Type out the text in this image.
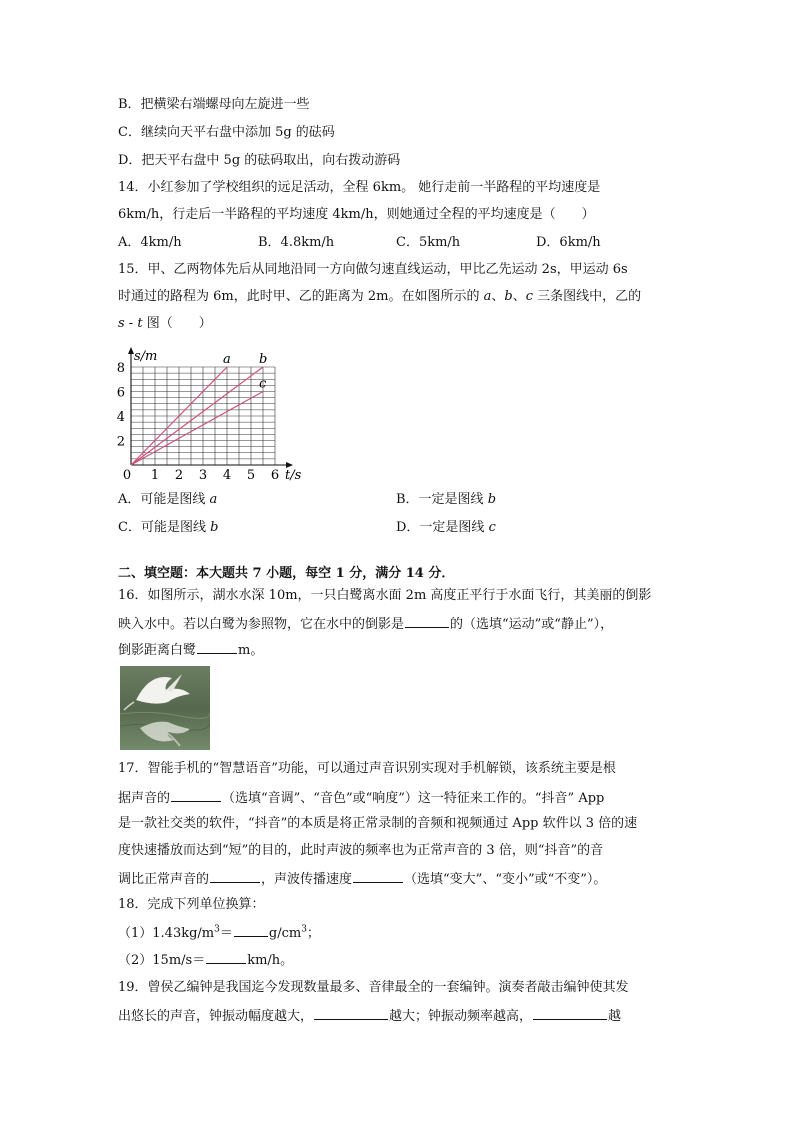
B．把横梁右端螺母向左旋进一些
C．继续向天平右盘中添加 5g 的砝码
D．把天平右盘中 5g 的砝码取出，向右拨动游码
14．小红参加了学校组织的远足活动，全程 6km。 她行走前一半路程的平均速度是
6km/h，行走后一半路程的平均速度 4km/h，则她通过全程的平均速度是（　　）
A．4km/h	B．4.8km/h	C．5km/h	D．6km/h
15．甲、乙两物体先后从同地沿同一方向做匀速直线运动，甲比乙先运动 2s，甲运动 6s
时通过的路程为 6m，此时甲、乙的距离为 2m。在如图所示的 a、b、c 三条图线中，乙的
s - t 图（　　）
0 1 2 3 4 5 6
2
4
6
8
s/m
t/s
a b
c
A．可能是图线 a	B．一定是图线 b
C．可能是图线 b	D．一定是图线 c
二、填空题：本大题共 7 小题，每空 1 分，满分 14 分．
16．如图所示，湖水水深 10m，一只白鹭离水面 2m 高度正平行于水面飞行，其美丽的倒影
映入水中。若以白鹭为参照物，它在水中的倒影是	的（选填“运动”或“静止”），
倒影距离白鹭	m。
17．智能手机的“智慧语音”功能，可以通过声音识别实现对手机解锁，该系统主要是根
据声音的	（选填“音调”、“音色”或“响度”）这一特征来工作的。“抖音” App
是一款社交类的软件，“抖音”的本质是将正常录制的音频和视频通过 App 软件以 3 倍的速
度快速播放而达到“短”的目的，此时声波的频率也为正常声音的 3 倍，则“抖音”的音
调比正常声音的	，声波传播速度	（选填“变大”、“变小”或“不变”）。
18．完成下列单位换算：
$(1)1.43kg/m^3=$	$g/cm^3$；
（2）15m/s＝	km/h。
19．曾侯乙编钟是我国迄今发现数量最多、音律最全的一套编钟。演奏者敲击编钟使其发
出悠长的声音，钟振动幅度越大，	越大；钟振动频率越高，	越
